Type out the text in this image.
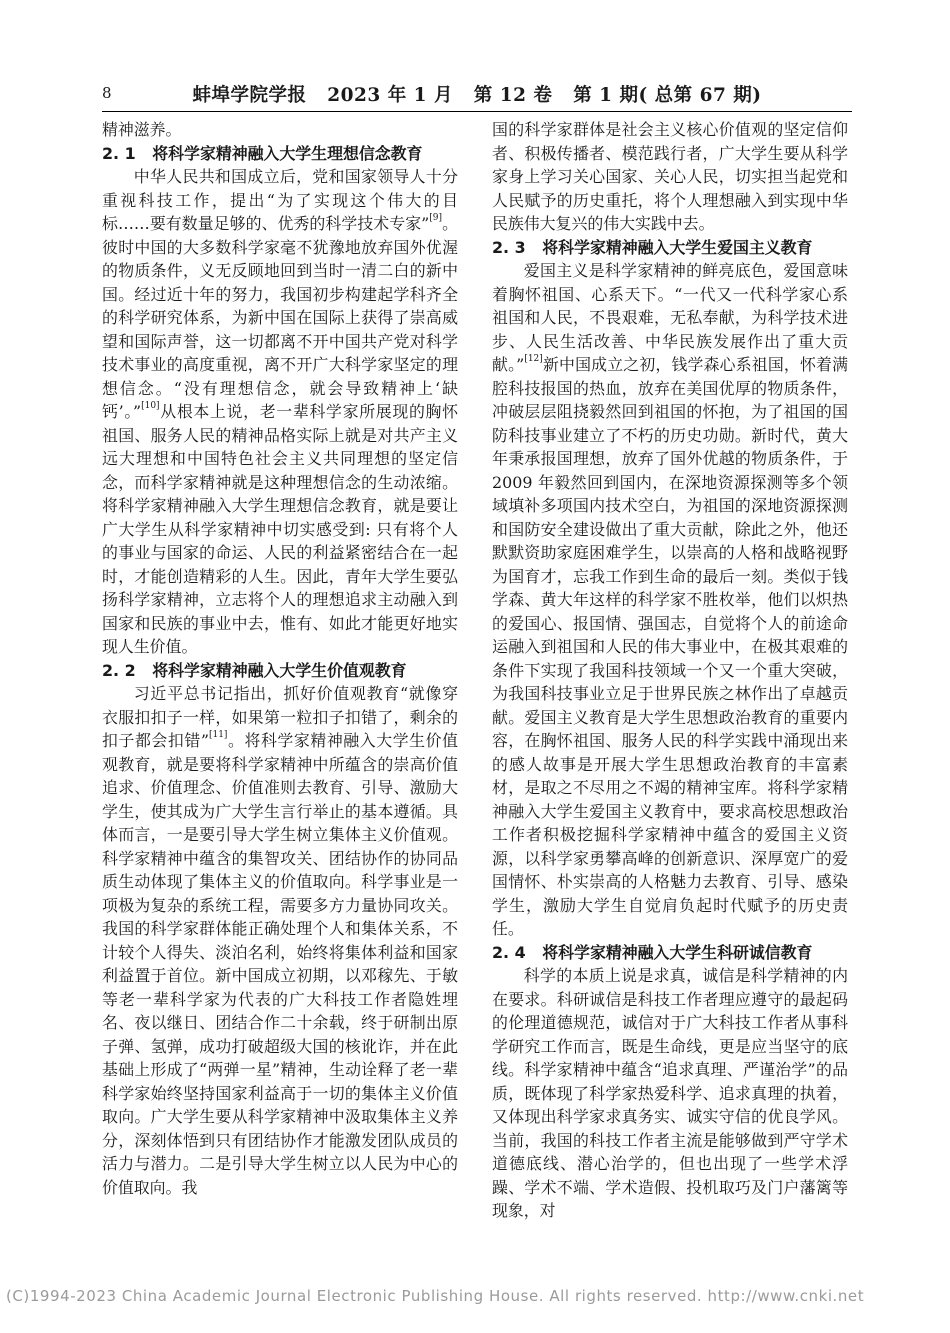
8	蚌埠学院学报   2023 年 1 月   第 12 卷   第 1 期( 总第 67 期)

精神滋养。

2. 1   将科学家精神融入大学生理想信念教育

中华人民共和国成立后，党和国家领导人十分重视科技工作，提出“为了实现这个伟大的目标……要有数量足够的、优秀的科学技术专家”[9]。彼时中国的大多数科学家毫不犹豫地放弃国外优渥的物质条件，义无反顾地回到当时一清二白的新中国。经过近十年的努力，我国初步构建起学科齐全的科学研究体系，为新中国在国际上获得了崇高威望和国际声誉，这一切都离不开中国共产党对科学技术事业的高度重视，离不开广大科学家坚定的理想信念。“没有理想信念，就会导致精神上‘缺钙’。”[10]从根本上说，老一辈科学家所展现的胸怀祖国、服务人民的精神品格实际上就是对共产主义远大理想和中国特色社会主义共同理想的坚定信念，而科学家精神就是这种理想信念的生动浓缩。将科学家精神融入大学生理想信念教育，就是要让广大学生从科学家精神中切实感受到: 只有将个人的事业与国家的命运、人民的利益紧密结合在一起时，才能创造精彩的人生。因此，青年大学生要弘扬科学家精神，立志将个人的理想追求主动融入到国家和民族的事业中去，惟有、如此才能更好地实现人生价值。

2. 2   将科学家精神融入大学生价值观教育

习近平总书记指出，抓好价值观教育“就像穿衣服扣扣子一样，如果第一粒扣子扣错了，剩余的扣子都会扣错”[11]。将科学家精神融入大学生价值观教育，就是要将科学家精神中所蕴含的崇高价值追求、价值理念、价值准则去教育、引导、激励大学生，使其成为广大学生言行举止的基本遵循。具体而言，一是要引导大学生树立集体主义价值观。科学家精神中蕴含的集智攻关、团结协作的协同品质生动体现了集体主义的价值取向。科学事业是一项极为复杂的系统工程，需要多方力量协同攻关。我国的科学家群体能正确处理个人和集体关系，不计较个人得失、淡泊名利，始终将集体利益和国家利益置于首位。新中国成立初期，以邓稼先、于敏等老一辈科学家为代表的广大科技工作者隐姓埋名、夜以继日、团结合作二十余载，终于研制出原子弹、氢弹，成功打破超级大国的核讹诈，并在此基础上形成了“两弹一星”精神，生动诠释了老一辈科学家始终坚持国家利益高于一切的集体主义价值取向。广大学生要从科学家精神中汲取集体主义养分，深刻体悟到只有团结协作才能激发团队成员的活力与潜力。二是引导大学生树立以人民为中心的价值取向。我

国的科学家群体是社会主义核心价值观的坚定信仰者、积极传播者、模范践行者，广大学生要从科学家身上学习关心国家、关心人民，切实担当起党和人民赋予的历史重托，将个人理想融入到实现中华民族伟大复兴的伟大实践中去。

2. 3   将科学家精神融入大学生爱国主义教育

爱国主义是科学家精神的鲜亮底色，爱国意味着胸怀祖国、心系天下。“一代又一代科学家心系祖国和人民，不畏艰难，无私奉献，为科学技术进步、人民生活改善、中华民族发展作出了重大贡献。”[12]新中国成立之初，钱学森心系祖国，怀着满腔科技报国的热血，放弃在美国优厚的物质条件，冲破层层阻挠毅然回到祖国的怀抱，为了祖国的国防科技事业建立了不朽的历史功勋。新时代，黄大年秉承报国理想，放弃了国外优越的物质条件，于 2009 年毅然回到国内，在深地资源探测等多个领域填补多项国内技术空白，为祖国的深地资源探测和国防安全建设做出了重大贡献，除此之外，他还默默资助家庭困难学生，以崇高的人格和战略视野为国育才，忘我工作到生命的最后一刻。类似于钱学森、黄大年这样的科学家不胜枚举，他们以炽热的爱国心、报国情、强国志，自觉将个人的前途命运融入到祖国和人民的伟大事业中，在极其艰难的条件下实现了我国科技领域一个又一个重大突破，为我国科技事业立足于世界民族之林作出了卓越贡献。爱国主义教育是大学生思想政治教育的重要内容，在胸怀祖国、服务人民的科学实践中涌现出来的感人故事是开展大学生思想政治教育的丰富素材，是取之不尽用之不竭的精神宝库。将科学家精神融入大学生爱国主义教育中，要求高校思想政治工作者积极挖掘科学家精神中蕴含的爱国主义资源，以科学家勇攀高峰的创新意识、深厚宽广的爱国情怀、朴实崇高的人格魅力去教育、引导、感染学生，激励大学生自觉肩负起时代赋予的历史责任。

2. 4   将科学家精神融入大学生科研诚信教育

科学的本质上说是求真，诚信是科学精神的内在要求。科研诚信是科技工作者理应遵守的最起码的伦理道德规范，诚信对于广大科技工作者从事科学研究工作而言，既是生命线，更是应当坚守的底线。科学家精神中蕴含“追求真理、严谨治学”的品质，既体现了科学家热爱科学、追求真理的执着，又体现出科学家求真务实、诚实守信的优良学风。当前，我国的科技工作者主流是能够做到严守学术道德底线、潜心治学的，但也出现了一些学术浮躁、学术不端、学术造假、投机取巧及门户藩篱等现象，对

(C)1994-2023 China Academic Journal Electronic Publishing House. All rights reserved. http://www.cnki.net
